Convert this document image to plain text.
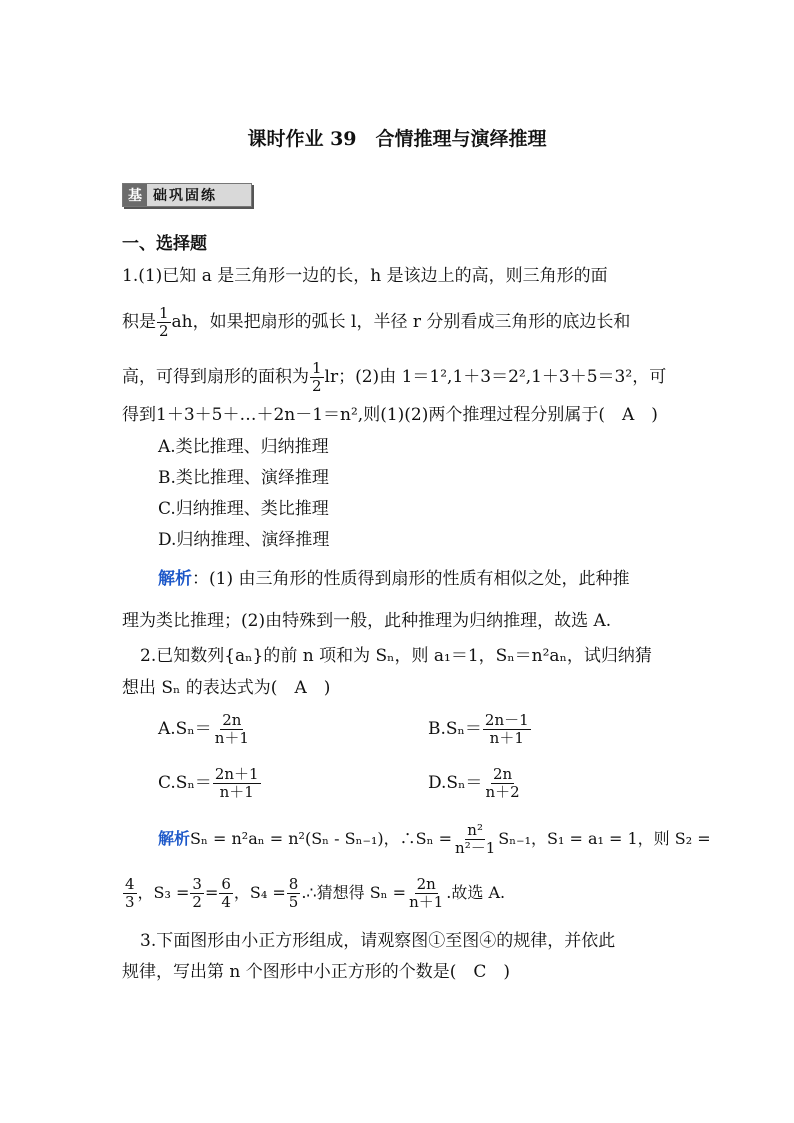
课时作业 39　合情推理与演绎推理
基 础巩固练
一、选择题
1.(1)已知 a 是三角形一边的长，h 是该边上的高，则三角形的面
积是 $\frac{1}{2}$ ah，如果把扇形的弧长 l，半径 r 分别看成三角形的底边长和
高，可得到扇形的面积为 $\frac{1}{2}$ lr；(2)由 1＝1²,1＋3＝2²,1＋3＋5＝3²，可
得到1＋3＋5＋…＋2n－1＝n²,则(1)(2)两个推理过程分别属于(　A　)
A.类比推理、归纳推理
B.类比推理、演绎推理
C.归纳推理、类比推理
D.归纳推理、演绎推理
解析：(1) 由三角形的性质得到扇形的性质有相似之处，此种推
理为类比推理；(2)由特殊到一般，此种推理为归纳推理，故选 A.
2.已知数列{aₙ}的前 n 项和为 Sₙ，则 a₁＝1，Sₙ＝n²aₙ，试归纳猜
想出 Sₙ 的表达式为(　A　)
$A.S_n= \frac{2n}{n+1}$	$B.S_n= \frac{2n-1}{n+1}$
$C.S_n= \frac{2n+1}{n+1}$	$D.S_n= \frac{2n}{n+2}$
解析Sₙ = n²aₙ = n²(Sₙ - Sₙ₋₁)，∴Sₙ = $\frac{\text{n²}}{\text{n²－1}} S_{n-1}$，S₁ = a₁ = 1，则 S₂ =
$\frac{4}{3}$ ，$S_3 = \frac{3}{2} = \frac{6}{4}$ ，$S_4 = \frac{8}{5}$ .∴猜想得 $S_n = \frac{2n}{n+1}$ .故选 A.
3.下面图形由小正方形组成，请观察图①至图④的规律，并依此
规律，写出第 n 个图形中小正方形的个数是(　C　)
